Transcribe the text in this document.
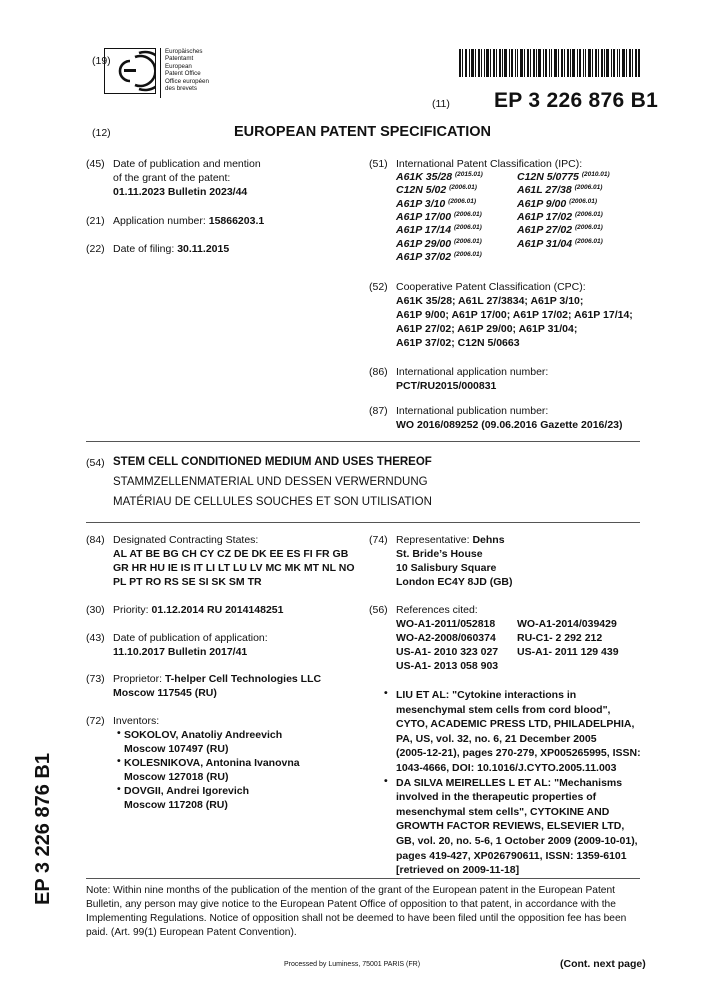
(19)
Europäisches
Patentamt
European
Patent Office
Office européen
des brevets
(11) EP 3 226 876 B1
(12)	EUROPEAN PATENT SPECIFICATION
(45) Date of publication and mention
of the grant of the patent:
01.11.2023 Bulletin 2023/44
(21) Application number: 15866203.1
(22) Date of filing: 30.11.2015
(51) International Patent Classification (IPC):
A61K 35/28 $^{(2015.01)}$
C12N 5/02 $^{(2006.01)}$
A61P 3/10 $^{(2006.01)}$
A61P 17/00 $^{(2006.01)}$
A61P 17/14 $^{(2006.01)}$
A61P 29/00 $^{(2006.01)}$
A61P 37/02 $^{(2006.01)}$
C12N 5/0775 $^{(2010.01)}$
A61L 27/38 $^{(2006.01)}$
A61P 9/00 $^{(2006.01)}$
A61P 17/02 $^{(2006.01)}$
A61P 27/02 $^{(2006.01)}$
A61P 31/04 $^{(2006.01)}$
(52) Cooperative Patent Classification (CPC):
A61K 35/28; A61L 27/3834; A61P 3/10;
A61P 9/00; A61P 17/00; A61P 17/02; A61P 17/14;
A61P 27/02; A61P 29/00; A61P 31/04;
A61P 37/02; C12N 5/0663
(86) International application number:
PCT/RU2015/000831
(87) International publication number:
WO 2016/089252 (09.06.2016 Gazette 2016/23)
(54) STEM CELL CONDITIONED MEDIUM AND USES THEREOF
STAMMZELLENMATERIAL UND DESSEN VERWERNDUNG
MATÉRIAU DE CELLULES SOUCHES ET SON UTILISATION
(84) Designated Contracting States:
AL AT BE BG CH CY CZ DE DK EE ES FI FR GB
GR HR HU IE IS IT LI LT LU LV MC MK MT NL NO
PL PT RO RS SE SI SK SM TR
(30) Priority: 01.12.2014 RU 2014148251
(43) Date of publication of application:
11.10.2017 Bulletin 2017/41
(73) Proprietor: T-helper Cell Technologies LLC
Moscow 117545 (RU)
(72) Inventors:
• SOKOLOV, Anatoliy Andreevich
Moscow 107497 (RU)
• KOLESNIKOVA, Antonina Ivanovna
Moscow 127018 (RU)
• DOVGII, Andrei Igorevich
Moscow 117208 (RU)
(74) Representative: Dehns
St. Bride’s House
10 Salisbury Square
London EC4Y 8JD (GB)
(56) References cited:
WO-A1-2011/052818 WO-A1-2014/039429
WO-A2-2008/060374 RU-C1- 2 292 212
US-A1- 2010 323 027 US-A1- 2011 129 439
US-A1- 2013 058 903
• LIU ET AL: "Cytokine interactions in
mesenchymal stem cells from cord blood",
CYTO, ACADEMIC PRESS LTD, PHILADELPHIA,
PA, US, vol. 32, no. 6, 21 December 2005
(2005-12-21), pages 270-279, XP005265995, ISSN:
1043-4666, DOI: 10.1016/J.CYTO.2005.11.003
• DA SILVA MEIRELLES L ET AL: "Mechanisms
involved in the therapeutic properties of
mesenchymal stem cells", CYTOKINE AND
GROWTH FACTOR REVIEWS, ELSEVIER LTD,
GB, vol. 20, no. 5-6, 1 October 2009 (2009-10-01),
pages 419-427, XP026790611, ISSN: 1359-6101
[retrieved on 2009-11-18]
Note: Within nine months of the publication of the mention of the grant of the European patent in the European Patent
Bulletin, any person may give notice to the European Patent Office of opposition to that patent, in accordance with the
Implementing Regulations. Notice of opposition shall not be deemed to have been filed until the opposition fee has been
paid. (Art. 99(1) European Patent Convention).
EP 3 226 876 B1
Processed by Luminess, 75001 PARIS (FR)	(Cont. next page)
